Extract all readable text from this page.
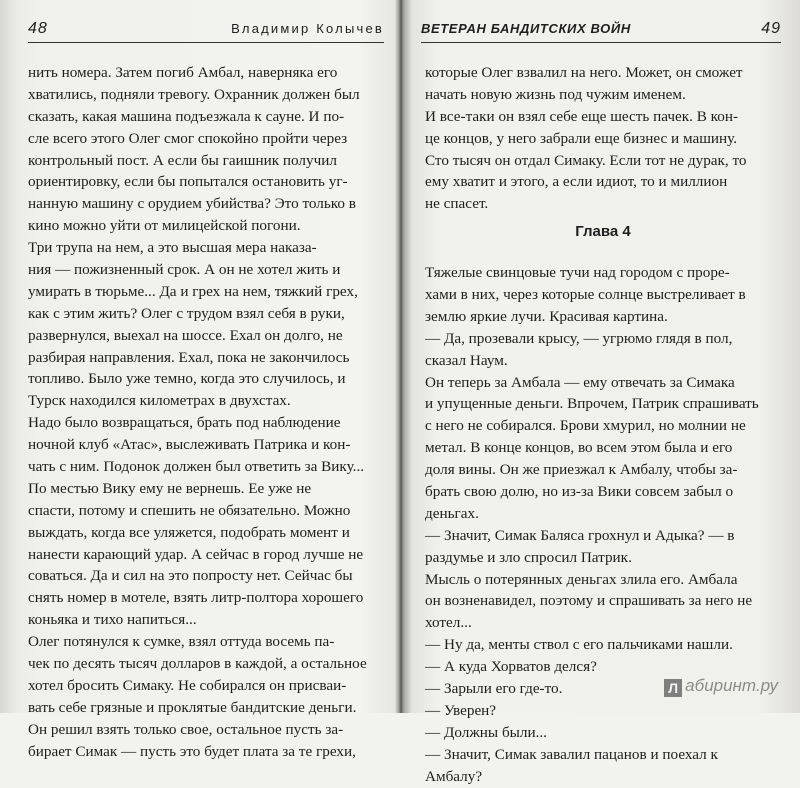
48	Владимир Колычев
нить номера. Затем погиб Амбал, наверняка его
хватились, подняли тревогу. Охранник должен был
сказать, какая машина подъезжала к сауне. И по-
сле всего этого Олег смог спокойно пройти через
контрольный пост. А если бы гаишник получил
ориентировку, если бы попытался остановить уг-
нанную машину с орудием убийства? Это только в
кино можно уйти от милицейской погони.
Три трупа на нем, а это высшая мера наказа-
ния — пожизненный срок. А он не хотел жить и
умирать в тюрьме... Да и грех на нем, тяжкий грех,
как с этим жить? Олег с трудом взял себя в руки,
развернулся, выехал на шоссе. Ехал он долго, не
разбирая направления. Ехал, пока не закончилось
топливо. Было уже темно, когда это случилось, и
Турск находился километрах в двухстах.
Надо было возвращаться, брать под наблюдение
ночной клуб «Атас», выслеживать Патрика и кон-
чать с ним. Подонок должен был ответить за Вику...
По местью Вику ему не вернешь. Ее уже не
спасти, потому и спешить не обязательно. Можно
выждать, когда все уляжется, подобрать момент и
нанести карающий удар. А сейчас в город лучше не
соваться. Да и сил на это попросту нет. Сейчас бы
снять номер в мотеле, взять литр-полтора хорошего
коньяка и тихо напиться...
Олег потянулся к сумке, взял оттуда восемь па-
чек по десять тысяч долларов в каждой, а остальное
хотел бросить Симаку. Не собирался он присваи-
вать себе грязные и проклятые бандитские деньги.
Он решил взять только свое, остальное пусть за-
бирает Симак — пусть это будет плата за те грехи,
ВЕТЕРАН БАНДИТСКИХ ВОЙН	49
которые Олег взвалил на него. Может, он сможет
начать новую жизнь под чужим именем.
И все-таки он взял себе еще шесть пачек. В кон-
це концов, у него забрали еще бизнес и машину.
Сто тысяч он отдал Симаку. Если тот не дурак, то
ему хватит и этого, а если идиот, то и миллион
не спасет.
Глава 4
Тяжелые свинцовые тучи над городом с проре-
хами в них, через которые солнце выстреливает в
землю яркие лучи. Красивая картина.
— Да, прозевали крысу, — угрюмо глядя в пол,
сказал Наум.
Он теперь за Амбала — ему отвечать за Симака
и упущенные деньги. Впрочем, Патрик спрашивать
с него не собирался. Брови хмурил, но молнии не
метал. В конце концов, во всем этом была и его
доля вины. Он же приезжал к Амбалу, чтобы за-
брать свою долю, но из-за Вики совсем забыл о
деньгах.
— Значит, Симак Баляса грохнул и Адыка? — в
раздумье и зло спросил Патрик.
Мысль о потерянных деньгах злила его. Амбала
он возненавидел, поэтому и спрашивать за него не
хотел...
— Ну да, менты ствол с его пальчиками нашли.
— А куда Хорватов делся?
— Зарыли его где-то.
— Уверен?
— Должны были...
— Значит, Симак завалил пацанов и поехал к
Амбалу?
Л абиринт.ру
